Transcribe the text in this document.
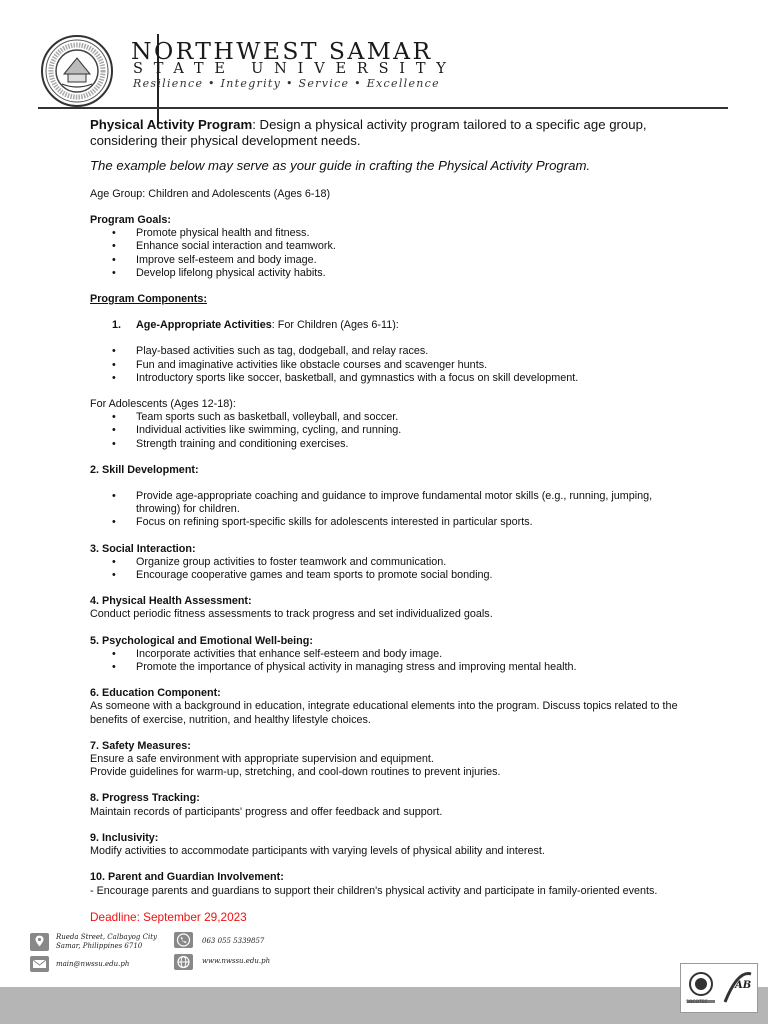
NORTHWEST SAMAR
STATE UNIVERSITY
Resilience • Integrity • Service • Excellence

Physical Activity Program: Design a physical activity program tailored to a specific age group, considering their physical development needs.

The example below may serve as your guide in crafting the Physical Activity Program.

Age Group: Children and Adolescents (Ages 6-18)

Program Goals:

• Promote physical health and fitness.
• Enhance social interaction and teamwork.
• Improve self-esteem and body image.
• Develop lifelong physical activity habits.

Program Components:

1. Age-Appropriate Activities: For Children (Ages 6-11):

• Play-based activities such as tag, dodgeball, and relay races.
• Fun and imaginative activities like obstacle courses and scavenger hunts.
• Introductory sports like soccer, basketball, and gymnastics with a focus on skill development.

For Adolescents (Ages 12-18):

• Team sports such as basketball, volleyball, and soccer.
• Individual activities like swimming, cycling, and running.
• Strength training and conditioning exercises.

2. Skill Development:

• Provide age-appropriate coaching and guidance to improve fundamental motor skills (e.g., running, jumping, throwing) for children.
• Focus on refining sport-specific skills for adolescents interested in particular sports.

3. Social Interaction:

• Organize group activities to foster teamwork and communication.
• Encourage cooperative games and team sports to promote social bonding.

4. Physical Health Assessment:

Conduct periodic fitness assessments to track progress and set individualized goals.

5. Psychological and Emotional Well-being:

• Incorporate activities that enhance self-esteem and body image.
• Promote the importance of physical activity in managing stress and improving mental health.

6. Education Component:

As someone with a background in education, integrate educational elements into the program. Discuss topics related to the benefits of exercise, nutrition, and healthy lifestyle choices.

7. Safety Measures:

Ensure a safe environment with appropriate supervision and equipment.

Provide guidelines for warm-up, stretching, and cool-down routines to prevent injuries.

8. Progress Tracking:

Maintain records of participants' progress and offer feedback and support.

9. Inclusivity:

Modify activities to accommodate participants with varying levels of physical ability and interest.

10. Parent and Guardian Involvement:

- Encourage parents and guardians to support their children's physical activity and participate in family-oriented events.

Deadline: September 29,2023

Rueda Street, Calbayog City
Samar, Philippines 6710
main@nwssu.edu.ph
063 055 5339857
www.nwssu.edu.ph
SOCOTEC
AB
